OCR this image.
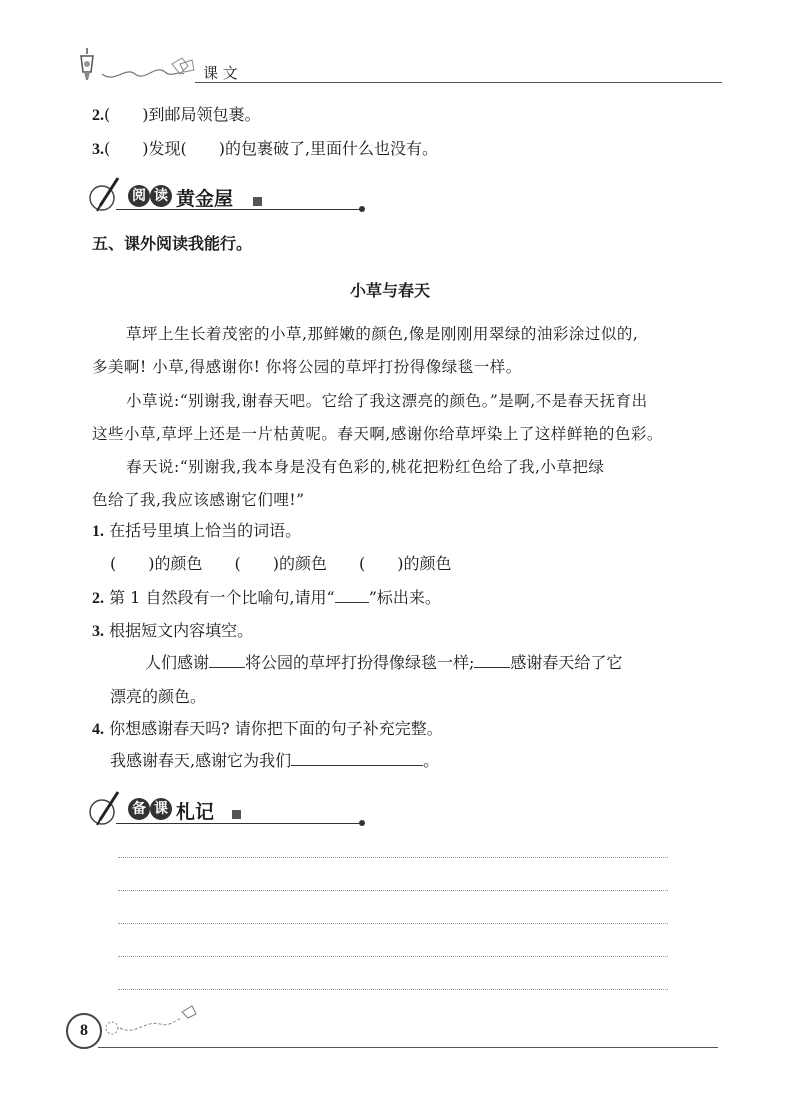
课 文
2.(　　)到邮局领包裹。
3.(　　)发现(　　)的包裹破了,里面什么也没有。
阅 读 黄金屋
五、课外阅读我能行。
小草与春天
草坪上生长着茂密的小草,那鲜嫩的颜色,像是刚刚用翠绿的油彩涂过似的,
多美啊! 小草,得感谢你! 你将公园的草坪打扮得像绿毯一样。
小草说:“别谢我,谢春天吧。它给了我这漂亮的颜色。”是啊,不是春天抚育出
这些小草,草坪上还是一片枯黄呢。春天啊,感谢你给草坪染上了这样鲜艳的色彩。
春天说:“别谢我,我本身是没有色彩的,桃花把粉红色给了我,小草把绿
色给了我,我应该感谢它们哩!”
1. 在括号里填上恰当的词语。
(　　)的颜色　　(　　)的颜色　　(　　)的颜色
2. 第 1 自然段有一个比喻句,请用“ ”标出来。
3. 根据短文内容填空。
人们感谢 将公园的草坪打扮得像绿毯一样; 感谢春天给了它
漂亮的颜色。
4. 你想感谢春天吗? 请你把下面的句子补充完整。
我感谢春天,感谢它为我们	。
备 课 札记
8
